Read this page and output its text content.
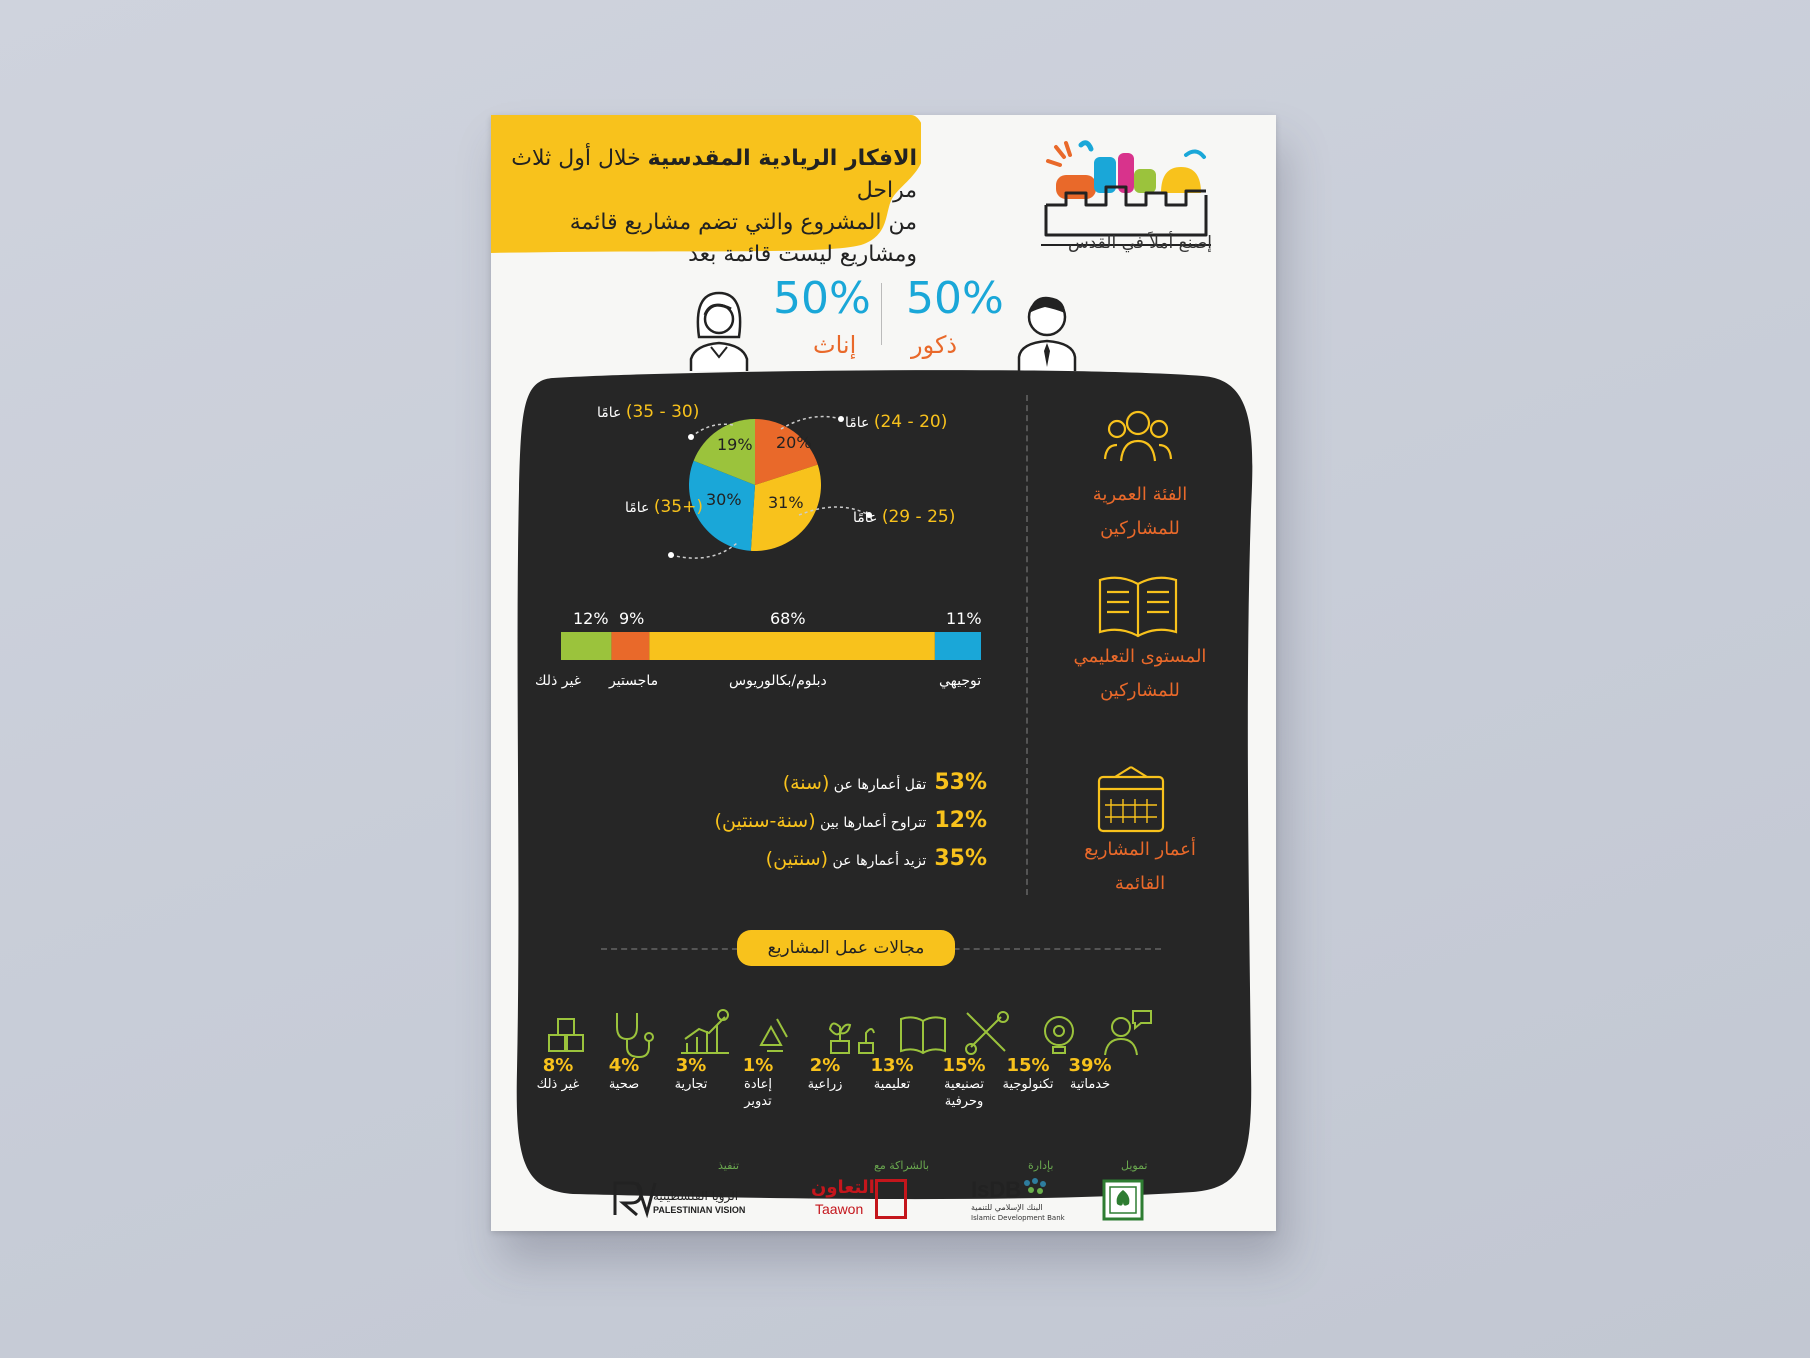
الافكار الريادية المقدسية خلال أول ثلاث مراحل
من المشروع والتي تضم مشاريع قائمة
ومشاريع ليست قائمة بعد	إصنع أملاً في القدس
50%
ذكور
50%
إناث
الفئة العمرية
للمشاركين
20%
31%
30%
19%
(20 - 24) عامًا
(25 - 29) عامًا
(+35) عامًا
(30 - 35) عامًا
المستوى التعليمي
للمشاركين
12% 9%	68%	11%
غير ذلك ماجستير	دبلوم/بكالوريوس	توجيهي
أعمار المشاريع
القائمة
53%تقل أعمارها عن (سنة)
12%تتراوح أعمارها بين (سنة-سنتين)
35%تزيد أعمارها عن (سنتين)
مجالات عمل المشاريع
8%
غير ذلك
4%
صحية
3%
تجارية
1%
إعادة
تدوير
2%
زراعية
13%
تعليمية
15%
تصنيعية
وحرفية
15%
تكنولوجية
39%
خدماتية
تمويل
بإدارة
بالشراكة مع
تنفيذ
IsDB
البنك الإسلامي للتنمية
Islamic Development Bank
التعاون
Taawon
الرؤيا الفلسطينية
PALESTINIAN VISION
